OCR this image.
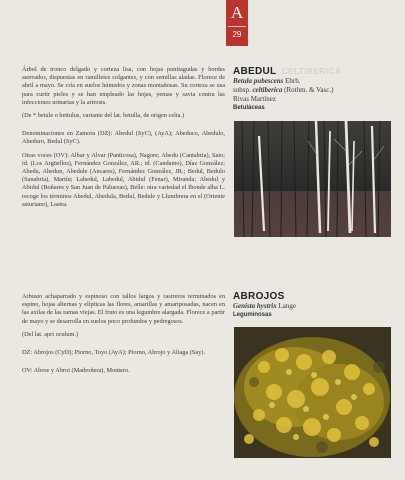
A
29

Árbol de tronco delgado y corteza lisa, con hojas puntiagudas y bordes aserrados, dispuestas en ramilletes colgantes, y con semillas aladas. Florece de abril a mayo. Se cría en suelos húmedos y zonas montañosas. Su corteza se usa para curtir pieles y se han empleado las hojas, yemas y savia contra las infecciones urinarias y la artrosis.

(De * betule o bettulus, variante del lat. betulla, de origen celta.)

Denominaciones en Zamora (DZ): Abedul (SyC), (AyA); Abeduco, Abedulo, Abeduro, Bedul (SyC).

Otras voces (OV): Albar y Alvar (Panticosa), Nagore; Abedu (Cantabria), Saio; id. (Los Argüellos), Fernández González, AR.; id. (Candamo), Díaz González; Abedu, Abedun, Abedule (Ancares), Fernández González, JR.; Bedul, Bedulo (Sanabria), Martín; Lahedul, Labedul, Abidul (Fenar), Miranda; Abedul y Abidul (Boñares y San Juan de Paluezas), Belle: otra variedad el Ibonde alba L. recoge los términos Abedul, Abedula, Bedul, Bedule y Llumbrera en el (Oriente asturiano), Lastra.

ABEDUL CELTIBERICA
Betula pubescens Ehrh.
subsp. celtiberica (Rothm. & Vasc.)
Rivas Martínez
Betuláceas

Arbusto achaparrado y espinoso con tallos largos y rastreros terminados en espino, hojas alternas y elípticas las flores, amarillas y amariposadas, nacen en las axilas de las ramas viejas. El fruto es una legumbre alargada. Florece a partir de mayo y se desarrolla en suelos poco profundos y pedregosos.

(Del lat. apri oculum.)

DZ: Abrojos (CyD); Piorno, Toyo (AyA); Piorno, Abrojo y Aliaga (Say).

OV: Abroe y Abroi (Madroñera), Montero.

ABROJOS
Genista hystrix Lange
Leguminosas
